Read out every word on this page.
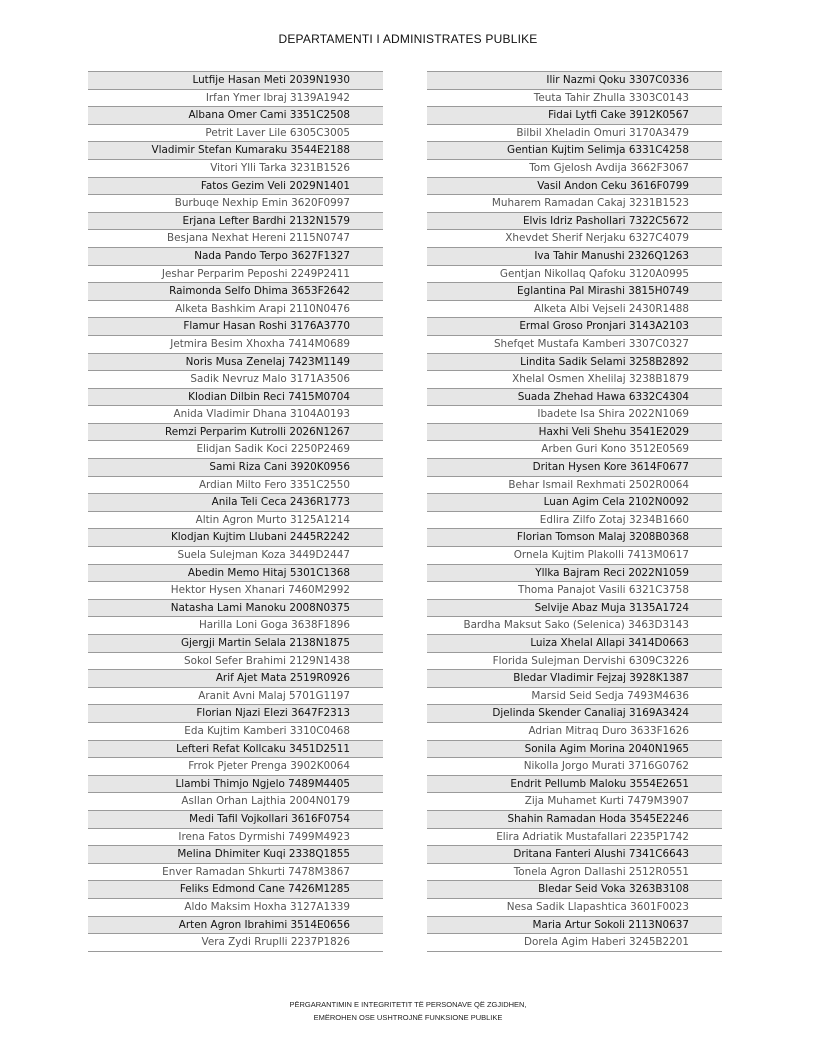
DEPARTAMENTI I ADMINISTRATES PUBLIKE
Lutfije Hasan Meti 2039N1930
Irfan Ymer Ibraj 3139A1942
Albana Omer Cami 3351C2508
Petrit Laver Lile 6305C3005
Vladimir Stefan Kumaraku 3544E2188
Vitori Ylli Tarka 3231B1526
Fatos Gezim Veli 2029N1401
Burbuqe Nexhip Emin 3620F0997
Erjana Lefter Bardhi 2132N1579
Besjana Nexhat Hereni 2115N0747
Nada Pando Terpo 3627F1327
Jeshar Perparim Peposhi 2249P2411
Raimonda Selfo Dhima 3653F2642
Alketa Bashkim Arapi 2110N0476
Flamur Hasan Roshi 3176A3770
Jetmira Besim Xhoxha 7414M0689
Noris Musa Zenelaj 7423M1149
Sadik Nevruz Malo 3171A3506
Klodian Dilbin Reci 7415M0704
Anida Vladimir Dhana 3104A0193
Remzi Perparim Kutrolli 2026N1267
Elidjan Sadik Koci 2250P2469
Sami Riza Cani 3920K0956
Ardian Milto Fero 3351C2550
Anila Teli Ceca 2436R1773
Altin Agron Murto 3125A1214
Klodjan Kujtim Llubani 2445R2242
Suela Sulejman Koza 3449D2447
Abedin Memo Hitaj 5301C1368
Hektor Hysen Xhanari 7460M2992
Natasha Lami Manoku 2008N0375
Harilla Loni Goga 3638F1896
Gjergji Martin Selala 2138N1875
Sokol Sefer Brahimi 2129N1438
Arif Ajet Mata 2519R0926
Aranit Avni Malaj 5701G1197
Florian Njazi Elezi 3647F2313
Eda Kujtim Kamberi 3310C0468
Lefteri Refat Kollcaku 3451D2511
Frrok Pjeter Prenga 3902K0064
Llambi Thimjo Ngjelo 7489M4405
Asllan Orhan Lajthia 2004N0179
Medi Tafil Vojkollari 3616F0754
Irena Fatos Dyrmishi 7499M4923
Melina Dhimiter Kuqi 2338Q1855
Enver Ramadan Shkurti 7478M3867
Feliks Edmond Cane 7426M1285
Aldo Maksim Hoxha 3127A1339
Arten Agron Ibrahimi 3514E0656
Vera Zydi Rruplli 2237P1826
Ilir Nazmi Qoku 3307C0336
Teuta Tahir Zhulla 3303C0143
Fidai Lytfi Cake 3912K0567
Bilbil Xheladin Omuri 3170A3479
Gentian Kujtim Selimja 6331C4258
Tom Gjelosh Avdija 3662F3067
Vasil Andon Ceku 3616F0799
Muharem Ramadan Cakaj 3231B1523
Elvis Idriz Pashollari 7322C5672
Xhevdet Sherif Nerjaku 6327C4079
Iva Tahir Manushi 2326Q1263
Gentjan Nikollaq Qafoku 3120A0995
Eglantina Pal Mirashi 3815H0749
Alketa Albi Vejseli 2430R1488
Ermal Groso Pronjari 3143A2103
Shefqet Mustafa Kamberi 3307C0327
Lindita Sadik Selami 3258B2892
Xhelal Osmen Xhelilaj 3238B1879
Suada Zhehad Hawa 6332C4304
Ibadete Isa Shira 2022N1069
Haxhi Veli Shehu 3541E2029
Arben Guri Kono 3512E0569
Dritan Hysen Kore 3614F0677
Behar Ismail Rexhmati 2502R0064
Luan Agim Cela 2102N0092
Edlira Zilfo Zotaj 3234B1660
Florian Tomson Malaj 3208B0368
Ornela Kujtim Plakolli 7413M0617
Yllka Bajram Reci 2022N1059
Thoma Panajot Vasili 6321C3758
Selvije Abaz Muja 3135A1724
Bardha Maksut Sako (Selenica) 3463D3143
Luiza Xhelal Allapi 3414D0663
Florida Sulejman Dervishi 6309C3226
Bledar Vladimir Fejzaj 3928K1387
Marsid Seid Sedja 7493M4636
Djelinda Skender Canaliaj 3169A3424
Adrian Mitraq Duro 3633F1626
Sonila Agim Morina 2040N1965
Nikolla Jorgo Murati 3716G0762
Endrit Pellumb Maloku 3554E2651
Zija Muhamet Kurti 7479M3907
Shahin Ramadan Hoda 3545E2246
Elira Adriatik Mustafallari 2235P1742
Dritana Fanteri Alushi 7341C6643
Tonela Agron Dallashi 2512R0551
Bledar Seid Voka 3263B3108
Nesa Sadik Llapashtica 3601F0023
Maria Artur Sokoli 2113N0637
Dorela Agim Haberi 3245B2201
PËRGARANTIMIN E INTEGRITETIT TË PERSONAVE QË ZGJIDHEN,
EMËROHEN OSE USHTROJNË FUNKSIONE PUBLIKE
